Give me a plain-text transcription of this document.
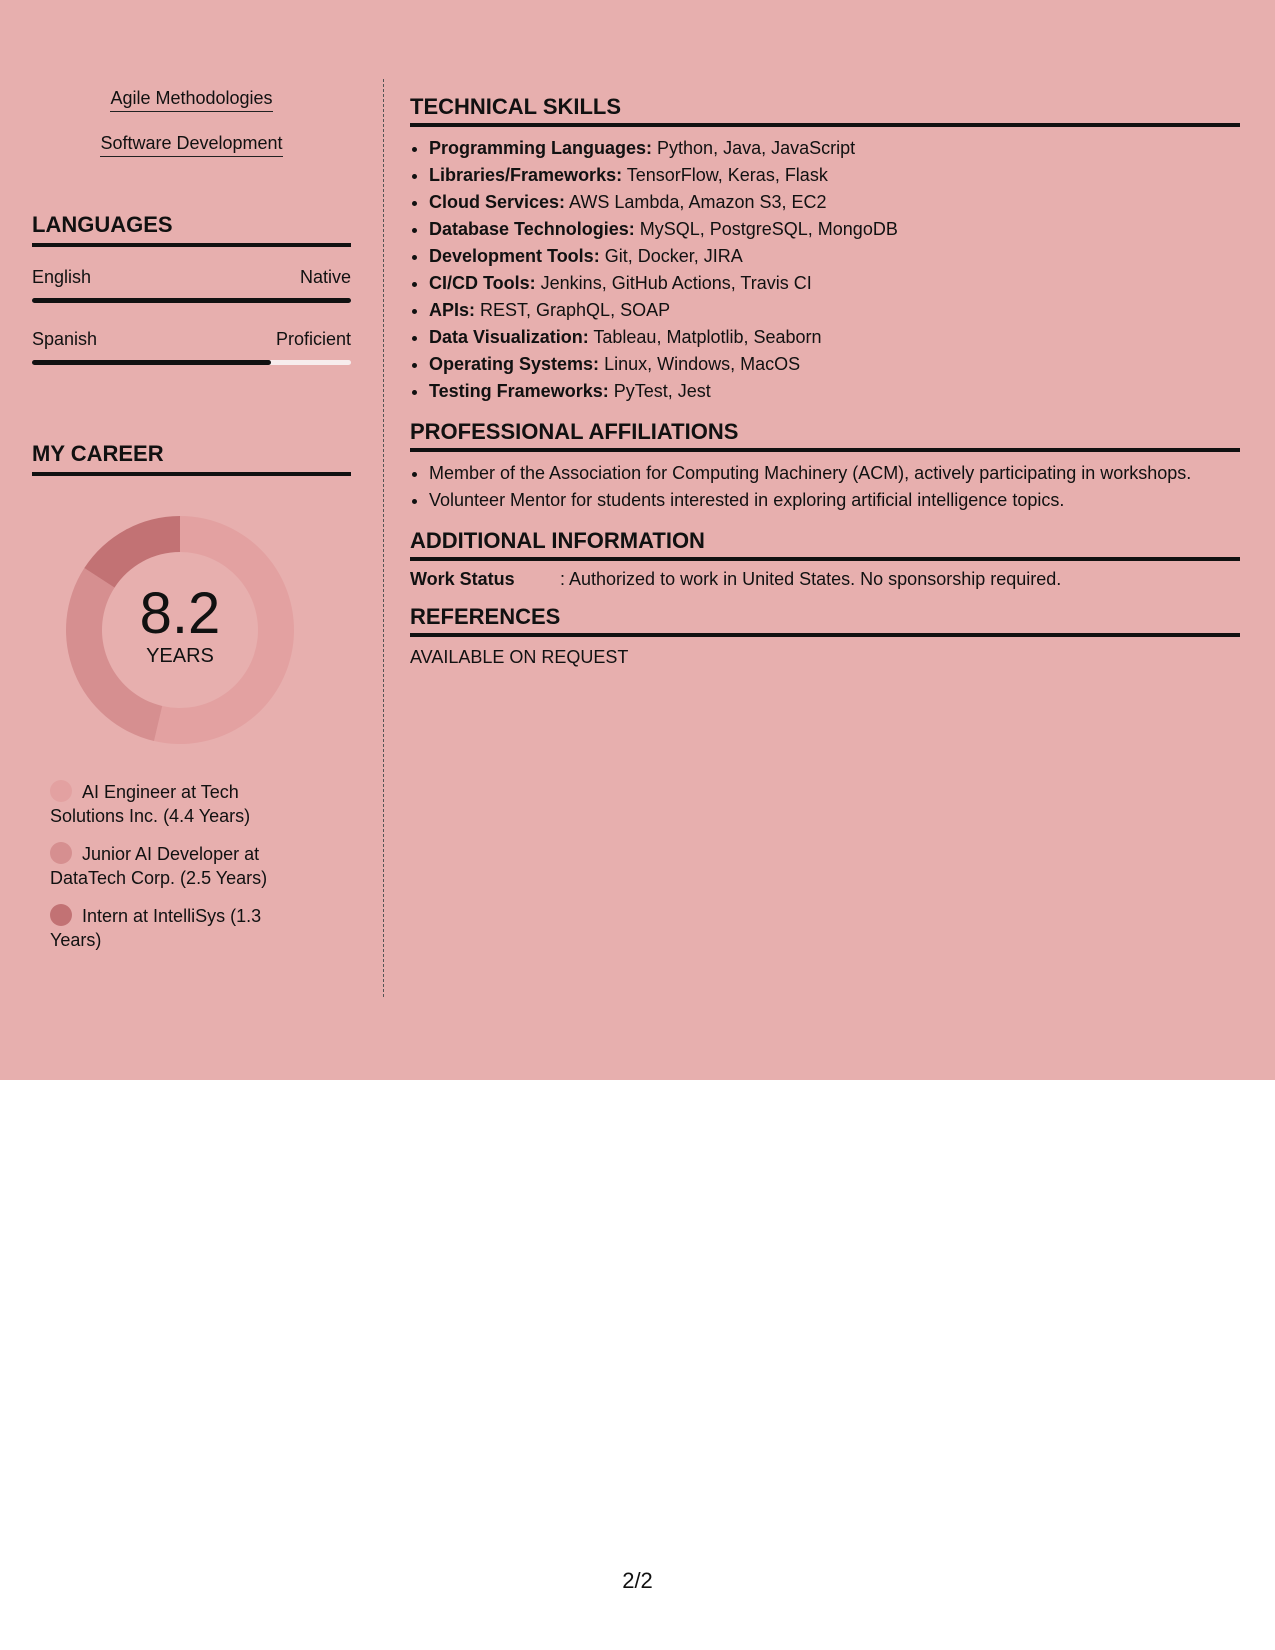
Agile Methodologies
Software Development
LANGUAGES
English	Native
Spanish	Proficient
MY CAREER
8.2
YEARS
AI Engineer at Tech Solutions Inc. (4.4 Years)
Junior AI Developer at DataTech Corp. (2.5 Years)
Intern at IntelliSys (1.3 Years)
TECHNICAL SKILLS
• Programming Languages: Python, Java, JavaScript
• Libraries/Frameworks: TensorFlow, Keras, Flask
• Cloud Services: AWS Lambda, Amazon S3, EC2
• Database Technologies: MySQL, PostgreSQL, MongoDB
• Development Tools: Git, Docker, JIRA
• CI/CD Tools: Jenkins, GitHub Actions, Travis CI
• APIs: REST, GraphQL, SOAP
• Data Visualization: Tableau, Matplotlib, Seaborn
• Operating Systems: Linux, Windows, MacOS
• Testing Frameworks: PyTest, Jest
PROFESSIONAL AFFILIATIONS
• Member of the Association for Computing Machinery (ACM), actively participating in workshops.
• Volunteer Mentor for students interested in exploring artificial intelligence topics.
ADDITIONAL INFORMATION
Work Status	: Authorized to work in United States. No sponsorship required.
REFERENCES
AVAILABLE ON REQUEST
2/2
